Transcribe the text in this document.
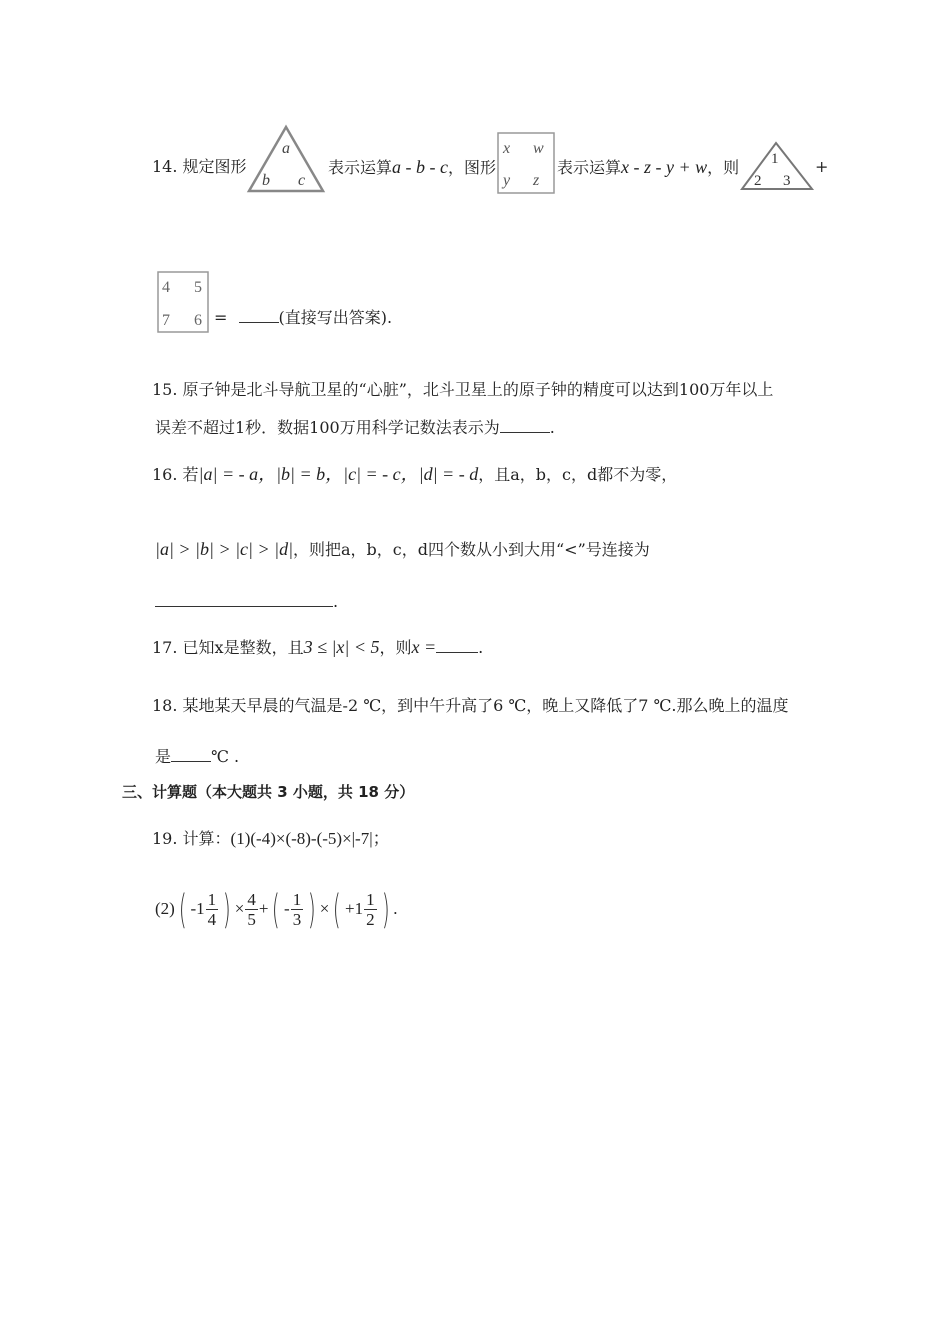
14. 规定图形
a
b c
表示运算a - b - c，图形
x w
y z
表示运算x - z - y + w，则 1
2 3
+
4 5
7 6 =	(直接写出答案).
15. 原子钟是北斗导航卫星的“心脏”，北斗卫星上的原子钟的精度可以达到100万年以上
误差不超过1秒．数据100万用科学记数法表示为	.
16. 若|a| = - a，|b| = b，|c| = - c，|d| = - d，且a，b，c，d都不为零，
|a| > |b| > |c| > |d|，则把a，b，c，d四个数从小到大用“<”号连接为
.
17. 已知x是整数，且3 ≤ |x| < 5，则x =	.
18. 某地某天早晨的气温是-2 ℃，到中午升高了6 ℃，晚上又降低了7 ℃.那么晚上的温度
是	℃ .
三、计算题（本大题共 3 小题，共 18 分）
19. 计算：(1)(-4)×(-8)-(-5)×|-7|；
(2)( $-1 \frac{1}{4}$ ) × $\frac{4}{5}$ +( - $\frac{1}{3}$ ) ×( $+1 \frac{1}{2}$ ) .
